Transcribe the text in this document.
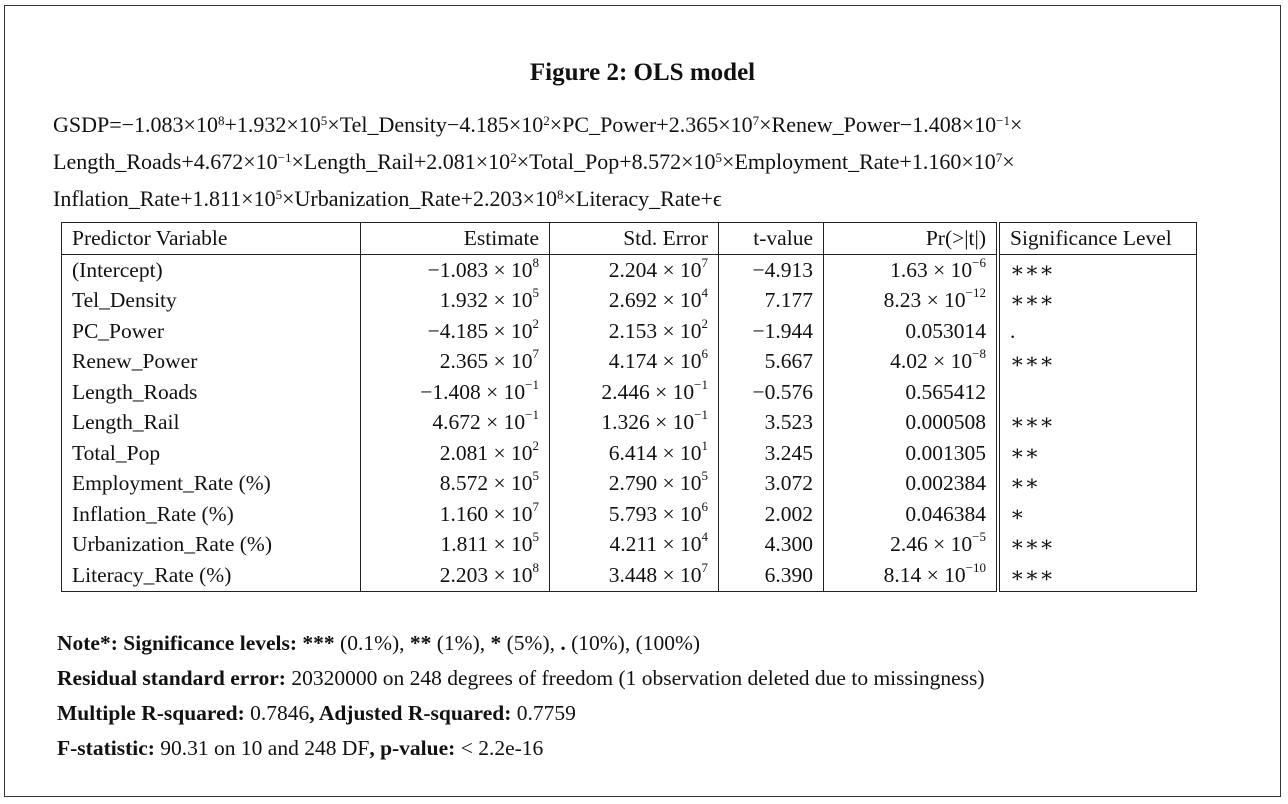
Figure 2: OLS model
$GSDP=-1.083\times 10^8+1.932\times 10^5\times Tel\_Density-4.185\times 10^2\times PC\_Power+2.365\times 10^7\times Renew\_Power-1.408\times 10^{-1}\times$
$Length\_Roads+4.672\times 10^{-1}\times Length\_Rail+2.081\times 10^2\times Total\_Pop+8.572\times 10^5\times Employment\_Rate+1.160\times 10^7\times$
$Inflation\_Rate+1.811\times 10^5\times Urbanization\_Rate+2.203\times 10^8\times Literacy\_Rate+\epsilon$
Predictor Variable	Estimate	Std. Error	t-value	Pr(>|t|)	Significance Level
(Intercept)	$-1.083 \times 10^8$	$2.204 \times 10^7$	−4.913	$1.63 \times 10^{-6}$	∗∗∗
Tel_Density	$1.932 \times 10^5$	$2.692 \times 10^4$	7.177	$8.23 \times 10^{-12}$	∗∗∗
PC_Power	$-4.185 \times 10^2$	$2.153 \times 10^2$	−1.944	0.053014	.
Renew_Power	$2.365 \times 10^7$	$4.174 \times 10^6$	5.667	$4.02 \times 10^{-8}$	∗∗∗
Length_Roads	$-1.408 \times 10^{-1}$	$2.446 \times 10^{-1}$	−0.576	0.565412	
Length_Rail	$4.672 \times 10^{-1}$	$1.326 \times 10^{-1}$	3.523	0.000508	∗∗∗
Total_Pop	$2.081 \times 10^2$	$6.414 \times 10^1$	3.245	0.001305	∗∗
Employment_Rate (%)	$8.572 \times 10^5$	$2.790 \times 10^5$	3.072	0.002384	∗∗
Inflation_Rate (%)	$1.160 \times 10^7$	$5.793 \times 10^6$	2.002	0.046384	∗
Urbanization_Rate (%)	$1.811 \times 10^5$	$4.211 \times 10^4$	4.300	$2.46 \times 10^{-5}$	∗∗∗
Literacy_Rate (%)	$2.203 \times 10^8$	$3.448 \times 10^7$	6.390	$8.14 \times 10^{-10}$	∗∗∗
Note*: Significance levels: *** (0.1%), ** (1%), * (5%), . (10%), (100%)
Residual standard error: 20320000 on 248 degrees of freedom (1 observation deleted due to missingness)
Multiple R-squared: 0.7846, Adjusted R-squared: 0.7759
F-statistic: 90.31 on 10 and 248 DF, p-value: < 2.2e-16
